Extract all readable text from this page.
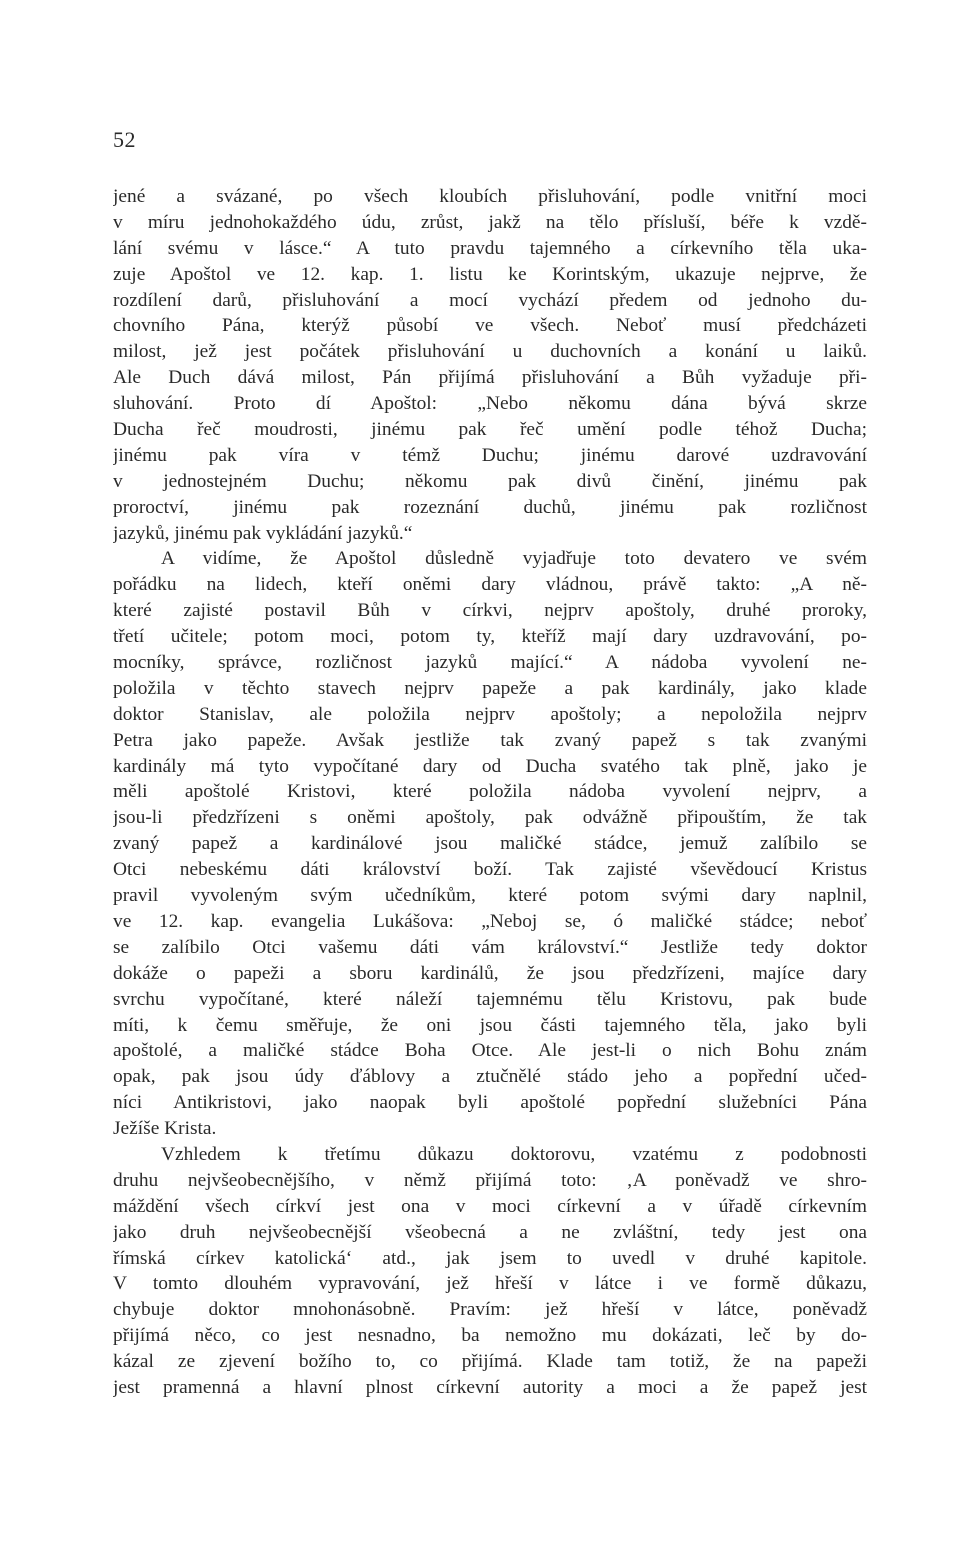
52
jené a svázané, po všech kloubích přisluhování, podle vnitřní moci
v míru jednohokaždého údu, zrůst, jakž na tělo přísluší, béře k vzdě-
lání svému v lásce.“ A tuto pravdu tajemného a církevního těla uka-
zuje Apoštol ve 12. kap. 1. listu ke Korintským, ukazuje nejprve, že
rozdílení darů, přisluhování a mocí vychází předem od jednoho du-
chovního Pána, kterýž působí ve všech. Neboť musí předcházeti
milost, jež jest počátek přisluhování u duchovních a konání u laiků.
Ale Duch dává milost, Pán přijímá přisluhování a Bůh vyžaduje při-
sluhování. Proto dí Apoštol: „Nebo někomu dána bývá skrze
Ducha řeč moudrosti, jinému pak řeč umění podle téhož Ducha;
jinému pak víra v témž Duchu; jinému darové uzdravování
v jednostejném Duchu; někomu pak divů činění, jinému pak
proroctví, jinému pak rozeznání duchů, jinému pak rozličnost
jazyků, jinému pak vykládání jazyků.“
A vidíme, že Apoštol důsledně vyjadřuje toto devatero ve svém
pořádku na lidech, kteří oněmi dary vládnou, právě takto: „A ně-
které zajisté postavil Bůh v církvi, nejprv apoštoly, druhé proroky,
třetí učitele; potom moci, potom ty, kteříž mají dary uzdravování, po-
mocníky, správce, rozličnost jazyků mající.“ A nádoba vyvolení ne-
položila v těchto stavech nejprv papeže a pak kardinály, jako klade
doktor Stanislav, ale položila nejprv apoštoly; a nepoložila nejprv
Petra jako papeže. Avšak jestliže tak zvaný papež s tak zvanými
kardinály má tyto vypočítané dary od Ducha svatého tak plně, jako je
měli apoštolé Kristovi, které položila nádoba vyvolení nejprv, a
jsou-li předzřízeni s oněmi apoštoly, pak odvážně připouštím, že tak
zvaný papež a kardinálové jsou maličké stádce, jemuž zalíbilo se
Otci nebeskému dáti království boží. Tak zajisté vševědoucí Kristus
pravil vyvoleným svým učedníkům, které potom svými dary naplnil,
ve 12. kap. evangelia Lukášova: „Neboj se, ó maličké stádce; neboť
se zalíbilo Otci vašemu dáti vám království.“ Jestliže tedy doktor
dokáže o papeži a sboru kardinálů, že jsou předzřízeni, majíce dary
svrchu vypočítané, které náleží tajemnému tělu Kristovu, pak bude
míti, k čemu směřuje, že oni jsou části tajemného těla, jako byli
apoštolé, a maličké stádce Boha Otce. Ale jest-li o nich Bohu znám
opak, pak jsou údy ďáblovy a ztučnělé stádo jeho a popřední učed-
níci Antikristovi, jako naopak byli apoštolé popřední služebníci Pána
Ježíše Krista.
Vzhledem k třetímu důkazu doktorovu, vzatému z podobnosti
druhu nejvšeobecnějšího, v němž přijímá toto: ‚A poněvadž ve shro-
máždění všech církví jest ona v moci církevní a v úřadě církevním
jako druh nejvšeobecnější všeobecná a ne zvláštní, tedy jest ona
římská církev katolická‘ atd., jak jsem to uvedl v druhé kapitole.
V tomto dlouhém vypravování, jež hřeší v látce i ve formě důkazu,
chybuje doktor mnohonásobně. Pravím: jež hřeší v látce, poněvadž
přijímá něco, co jest nesnadno, ba nemožno mu dokázati, leč by do-
kázal ze zjevení božího to, co přijímá. Klade tam totiž, že na papeži
jest pramenná a hlavní plnost církevní autority a moci a že papež jest
